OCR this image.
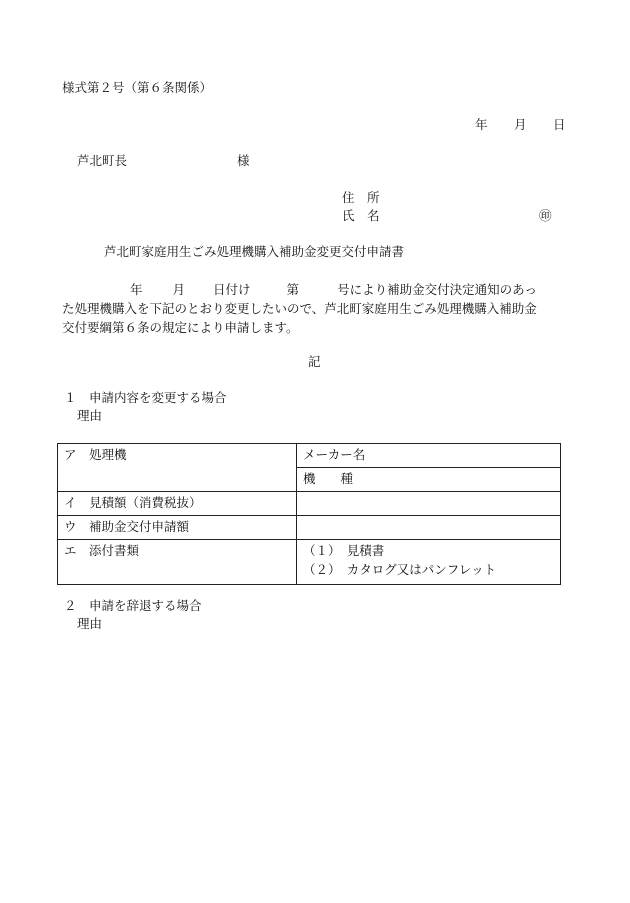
様式第２号（第６条関係）
年 月 日
芦北町長	様
住　所
氏　名	㊞
芦北町家庭用生ごみ処理機購入補助金変更交付申請書

年 月 日付け	第	号により補助金交付決定通知のあっ

た処理機購入を下記のとおり変更したいので、芦北町家庭用生ごみ処理機購入補助金

交付要綱第６条の規定により申請します。

記
１　申請内容を変更する場合
理由
ア　処理機	メーカー名
	機　　種
イ　見積額（消費税抜）	
ウ　補助金交付申請額	
エ　添付書類	（１）　見積書
（２）　カタログ又はパンフレット
２　申請を辞退する場合
理由
